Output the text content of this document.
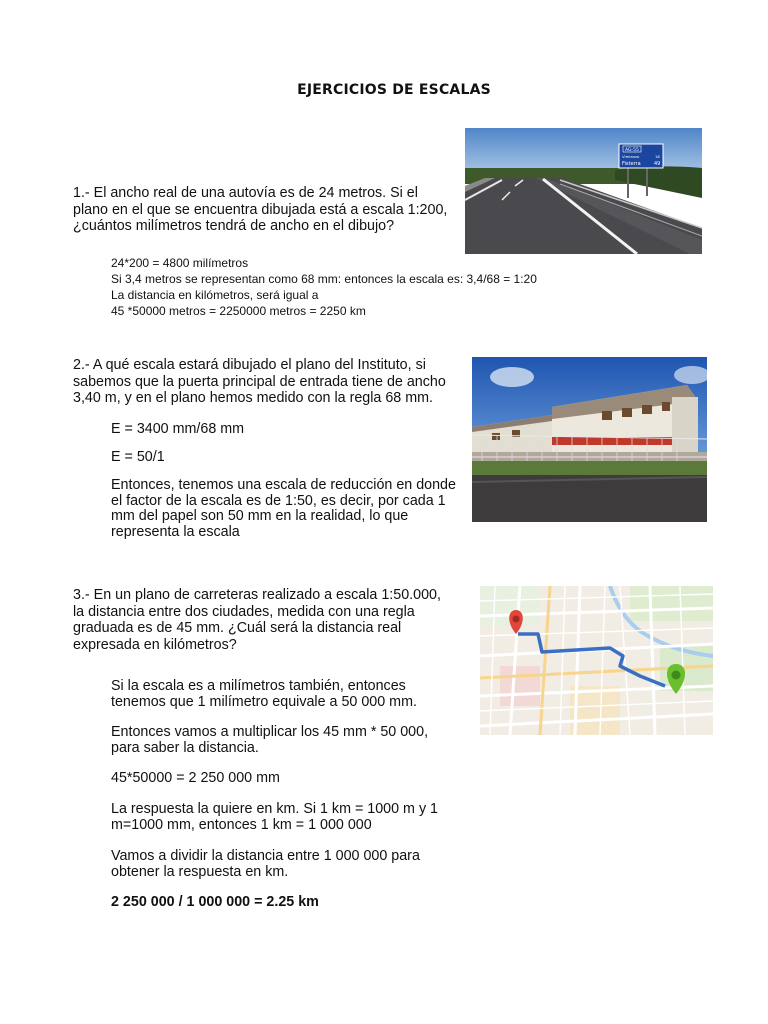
EJERCICIOS DE ESCALAS
1.- El ancho real de una autovía es de 24 metros. Si el plano en el que se encuentra dibujada está a escala 1:200, ¿cuántos milímetros tendrá de ancho en el dibujo?
AG-55
Vimianzo	18
Fisterra	49
24*200 = 4800 milímetros
Si 3,4 metros se representan como 68 mm: entonces la escala es: 3,4/68 = 1:20
La distancia en kilómetros, será igual a
45 *50000 metros = 2250000 metros = 2250 km
2.- A qué escala estará dibujado el plano del Instituto, si sabemos que la puerta principal de entrada tiene de ancho 3,40 m, y en el plano hemos medido con la regla 68 mm.
E = 3400 mm/68 mm
E = 50/1
Entonces, tenemos una escala de reducción en donde el factor de la escala es de 1:50, es decir, por cada 1 mm del papel son 50 mm en la realidad, lo que representa la escala
3.- En un plano de carreteras realizado a escala 1:50.000, la distancia entre dos ciudades, medida con una regla graduada es de 45 mm. ¿Cuál será la distancia real expresada en kilómetros?
Si la escala es a milímetros también, entonces tenemos que 1 milímetro equivale a 50 000 mm.
Entonces vamos a multiplicar los 45 mm * 50 000, para saber la distancia.
45*50000 = 2 250 000 mm
La respuesta la quiere en km. Si 1 km = 1000 m y 1 m=1000 mm, entonces 1 km = 1 000 000
Vamos a dividir la distancia entre 1 000 000 para obtener la respuesta en km.
2 250 000 / 1 000 000 = 2.25 km
